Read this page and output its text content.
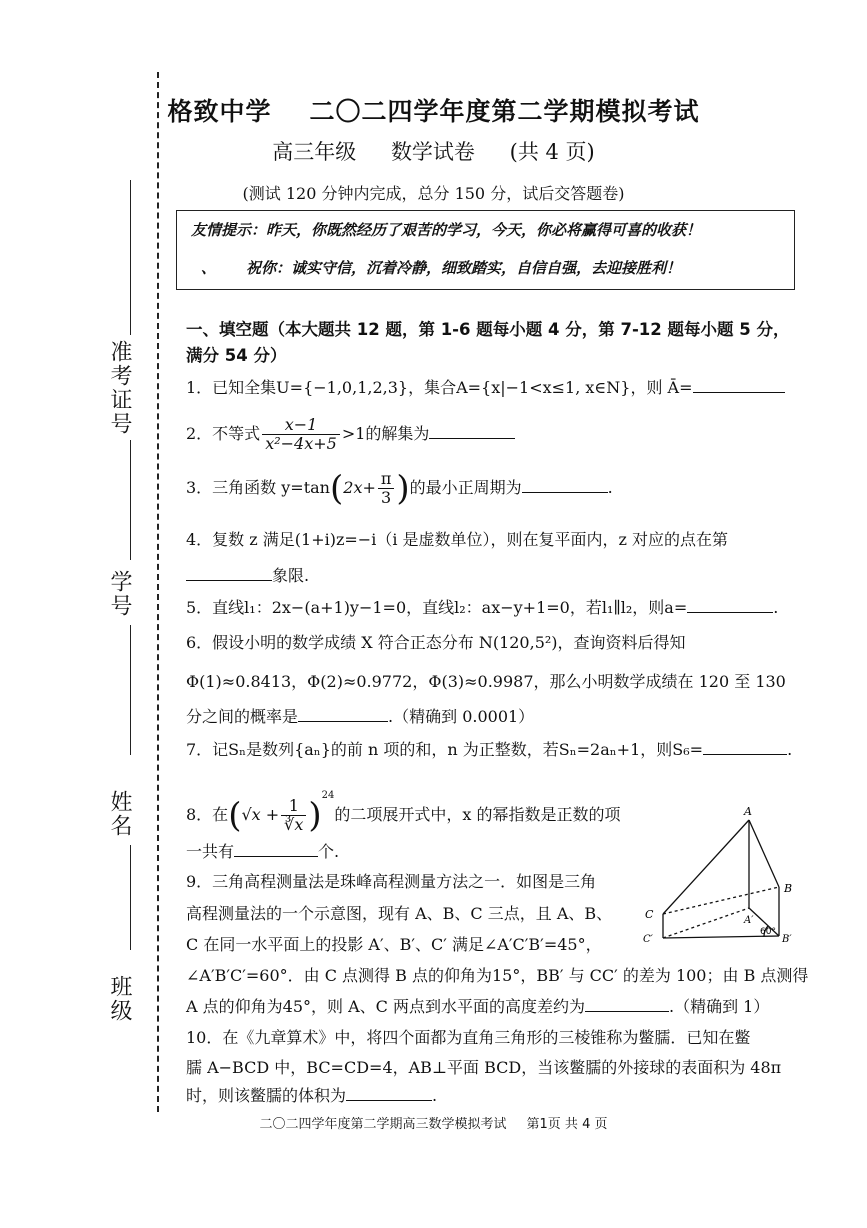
准考证号
学号
姓名
班级
格致中学 二〇二四学年度第二学期模拟考试
高三年级 数学试卷 (共 4 页)
(测试 120 分钟内完成，总分 150 分，试后交答题卷)
友情提示：昨天，你既然经历了艰苦的学习，今天，你必将赢得可喜的收获！
、 祝你：诚实守信，沉着冷静，细致踏实，自信自强，去迎接胜利！
一、填空题（本大题共 12 题，第 1-6 题每小题 4 分，第 7-12 题每小题 5 分，
满分 54 分）
1．已知全集U={−1,0,1,2,3}，集合A={x|−1<x≤1, x∈N}，则 Ā=
2．不等式 $\frac{x-1}{\text{x²−4x+5}} >1$的解集为
3．三角函数 $y=\tan(2x+ \frac{\pi}{3}$ )的最小正周期为	.
4．复数 z 满足(1+i)z=−i（i 是虚数单位），则在复平面内，z 对应的点在第
象限.
5．直线l₁：2x−(a+1)y−1=0，直线l₂：ax−y+1=0，若l₁∥l₂，则a=	.
6．假设小明的数学成绩 X 符合正态分布 N(120,5²)，查询资料后得知
Φ(1)≈0.8413，Φ(2)≈0.9772，Φ(3)≈0.9987，那么小明数学成绩在 120 至 130
分之间的概率是	.（精确到 0.0001）
7．记Sₙ是数列{aₙ}的前 n 项的和，n 为正整数，若Sₙ=2aₙ+1，则S₆=	.
8．在$(√x + \frac{1}{∛x} )^{24}$的二项展开式中，x 的幂指数是正数的项
一共有	个.
9．三角高程测量法是珠峰高程测量方法之一．如图是三角
高程测量法的一个示意图，现有 A、B、C 三点，且 A、B、
C 在同一水平面上的投影 A′、B′、C′ 满足∠A′C′B′=45°，
∠A′B′C′=60°．由 C 点测得 B 点的仰角为15°，BB′ 与 CC′ 的差为 100；由 B 点测得
A 点的仰角为45°，则 A、C 两点到水平面的高度差约为	.（精确到 1）
10．在《九章算术》中，将四个面都为直角三角形的三棱锥称为鳖臑．已知在鳖
臑 A−BCD 中，BC=CD=4，AB⊥平面 BCD，当该鳖臑的外接球的表面积为 48π
时，则该鳖臑的体积为	.
A
B
C	A′
B′
C′
60°
二〇二四学年度第二学期高三数学模拟考试 第1页 共 4 页
